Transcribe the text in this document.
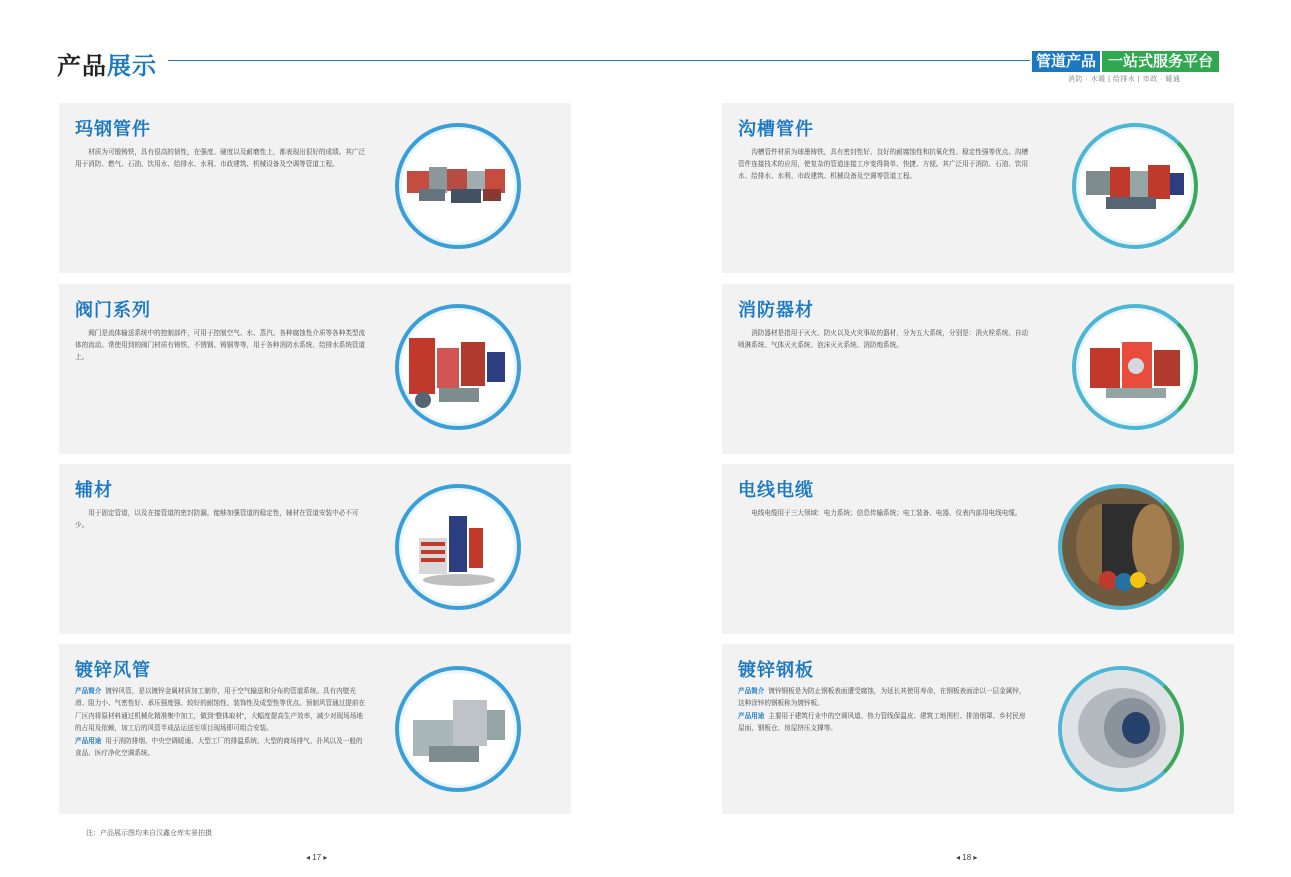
产品 展示	管道产品 一站式服务平台
消防 · 水暖 | 给排水 | 市政 · 暖通
玛钢管件
材质为可锻铸铁，具有很高的韧性，在强度、硬度以及耐磨性上，都表现出很好的成绩。其广泛用于消防、燃气、石油、饮用水、给排水、水利、市政建筑、机械设备及空调等管道工程。
阀门系列
阀门是流体输送系统中的控制部件，可用于控制空气、水、蒸汽、各种腐蚀性介质等各种类型流体的流动。常使用到的阀门材质有铸铁、不锈钢、铸铜等等，用于各种消防水系统、给排水系统管道上。
辅材
用于固定管道，以及在接管道的密封防漏，能够加强管道的稳定性，辅材在管道安装中必不可少。
镀锌风管
产品简介 镀锌风管，是以镀锌金属材质加工制作，用于空气输送和分布的管道系统。具有内壁光滑、阻力小、气密性好、承压强度强、较好的耐蚀性、装饰性及成型性等优点。预制风管通过提前在厂区内将原材料通过机械化精准集中加工，做到“整体取材”，大幅度提高生产效率，减少对现场场地的占用及依赖，加工后的风管半成品运送至项目现场即可组合安装。
产品用途 用于消防排烟、中央空调暖通、大型工厂的排温系统、大型的商场排气、扑风以及一般的食品、医疗净化空调系统。
沟槽管件
沟槽管件材质为球墨铸铁，具有密封性好、良好的耐腐蚀性和抗氧化性、稳定性强等优点。沟槽管件连接技术的应用，使复杂的管道连接工序变得简单、快捷、方便。其广泛用于消防、石油、饮用水、给排水、水利、市政建筑、机械设备及空调等管道工程。
消防器材
消防器材是指用于灭火、防火以及火灾事故的器材，分为五大系统，分别是：消火栓系统、自动喷淋系统、气体灭火系统、泡沫灭火系统、消防炮系统。
电线电缆
电线电缆用于三大领域：电力系统；信息传输系统；电工装备、电器、仪表内部用电线电缆。
镀锌钢板
产品简介 镀锌钢板是为防止钢板表面遭受腐蚀，为延长其使用寿命，在钢板表面涂以一层金属锌，这种涂锌的钢板称为镀锌板。
产品用途 主要用于建筑行业中的空调风道、热力管线保温皮、建筑工地围栏、排油烟罩、乡村民房屋面、钢板仓、房屋挤压支撑等。
注：产品展示图均来自汉鑫仓库实景拍摄
◂ 17 ▸	◂ 18 ▸
